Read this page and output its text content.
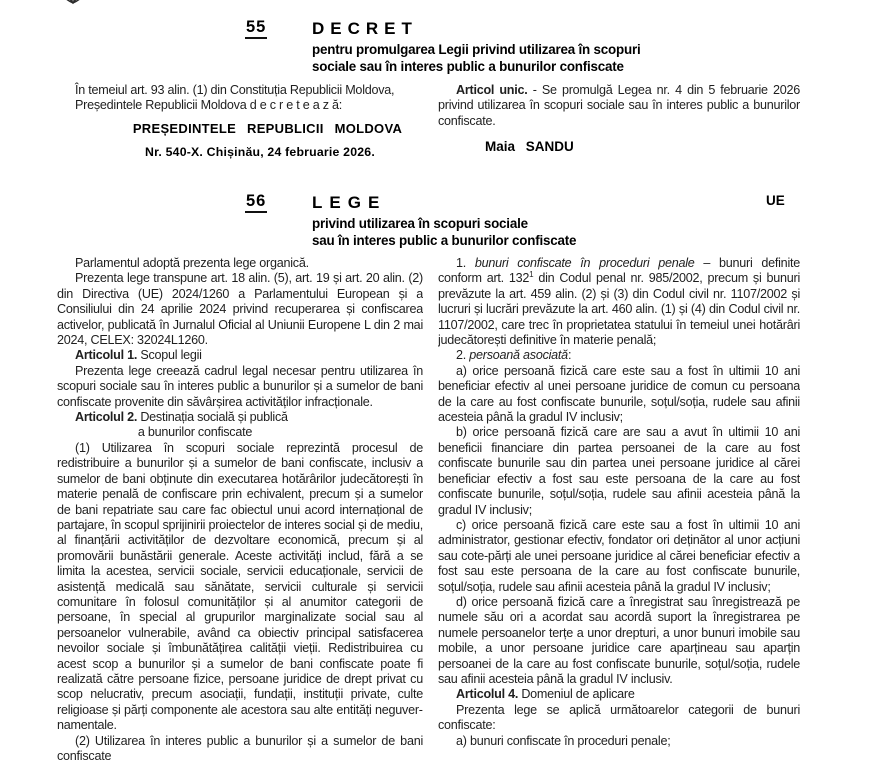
55	DECRET
pentru promulgarea Legii privind utilizarea în scopuri
sociale sau în interes public a bunurilor confiscate

În temeiul art. 93 alin. (1) din Constituția Republicii Moldova,

Președintele Republicii Moldova d e c r e t e a z ă:

PREȘEDINTELE REPUBLICII MOLDOVA
Nr. 540-X. Chișinău, 24 februarie 2026.

Articol unic. - Se promulgă Legea nr. 4 din 5 februarie 2026 privind utilizarea în scopuri sociale sau în interes public a bunurilor confiscate.

Maia SANDU
56	LEGE
privind utilizarea în scopuri sociale
sau în interes public a bunurilor confiscate
UE

Parlamentul adoptă prezenta lege organică.

Prezenta lege transpune art. 18 alin. (5), art. 19 și art. 20 alin. (2) din Directiva (UE) 2024/1260 a Parlamentului European și a Consiliului din 24 aprilie 2024 privind recuperarea și confiscarea activelor, publicată în Jurnalul Oficial al Uniunii Europene L din 2 mai 2024, CELEX: 32024L1260.

Articolul 1. Scopul legii

Prezenta lege creează cadrul legal necesar pentru utilizarea în scopuri sociale sau în interes public a bunurilor și a sumelor de bani confiscate provenite din săvârșirea activităților infracționale.

Articolul 2. Destinația socială și publică

a bunurilor confiscate

(1) Utilizarea în scopuri sociale reprezintă procesul de redistribuire a bunurilor și a sumelor de bani confiscate, inclusiv a sumelor de bani obținute din executarea hotărârilor judecătorești în materie penală de confiscare prin echivalent, precum și a sumelor de bani repatriate sau care fac obiectul unui acord internațional de partajare, în scopul sprijinirii proiectelor de interes social și de mediu, al finanțării activităților de dezvoltare economică, precum și al promovării bunăstării generale. Aceste activități includ, fără a se limita la acestea, servicii sociale, servicii educaționale, servicii de asistență medicală sau sănătate, servicii culturale și servicii comunitare în folosul comunităților și al anumitor categorii de persoane, în special al grupurilor marginalizate social sau al persoanelor vulnerabile, având ca obiectiv principal satisfacerea nevoilor sociale și îmbunătățirea calității vieții. Redistribuirea cu acest scop a bunurilor și a sumelor de bani confiscate poate fi realizată către persoane fizice, persoane juridice de drept privat cu scop nelucrativ, precum asociații, fundații, instituții private, culte religioase și părți componente ale acestora sau alte entități neguvernamentale.

(2) Utilizarea în interes public a bunurilor și a sumelor de bani confiscate

1. bunuri confiscate în proceduri penale – bunuri definite conform art. $132^1$ din Codul penal nr. 985/2002, precum și bunuri prevăzute la art. 459 alin. (2) și (3) din Codul civil nr. 1107/2002 și lucruri și lucrări prevăzute la art. 460 alin. (1) și (4) din Codul civil nr. 1107/2002, care trec în proprietatea statului în temeiul unei hotărâri judecătorești definitive în materie penală;

2. persoană asociată:

a) orice persoană fizică care este sau a fost în ultimii 10 ani beneficiar efectiv al unei persoane juridice de comun cu persoana de la care au fost confiscate bunurile, soțul/soția, rudele sau afinii acesteia până la gradul IV inclusiv;

b) orice persoană fizică care are sau a avut în ultimii 10 ani beneficii financiare din partea persoanei de la care au fost confiscate bunurile sau din partea unei persoane juridice al cărei beneficiar efectiv a fost sau este persoana de la care au fost confiscate bunurile, soțul/soția, rudele sau afinii acesteia până la gradul IV inclusiv;

c) orice persoană fizică care este sau a fost în ultimii 10 ani administrator, gestionar efectiv, fondator ori deținător al unor acțiuni sau cote-părți ale unei persoane juridice al cărei beneficiar efectiv a fost sau este persoana de la care au fost confiscate bunurile, soțul/soția, rudele sau afinii acesteia până la gradul IV inclusiv;

d) orice persoană fizică care a înregistrat sau înregistrează pe numele său ori a acordat sau acordă suport la înregistrarea pe numele persoanelor terțe a unor drepturi, a unor bunuri imobile sau mobile, a unor persoane juridice care aparțineau sau aparțin persoanei de la care au fost confiscate bunurile, soțul/soția, rudele sau afinii acesteia până la gradul IV inclusiv.

Articolul 4. Domeniul de aplicare

Prezenta lege se aplică următoarelor categorii de bunuri confiscate:

a) bunuri confiscate în proceduri penale;
